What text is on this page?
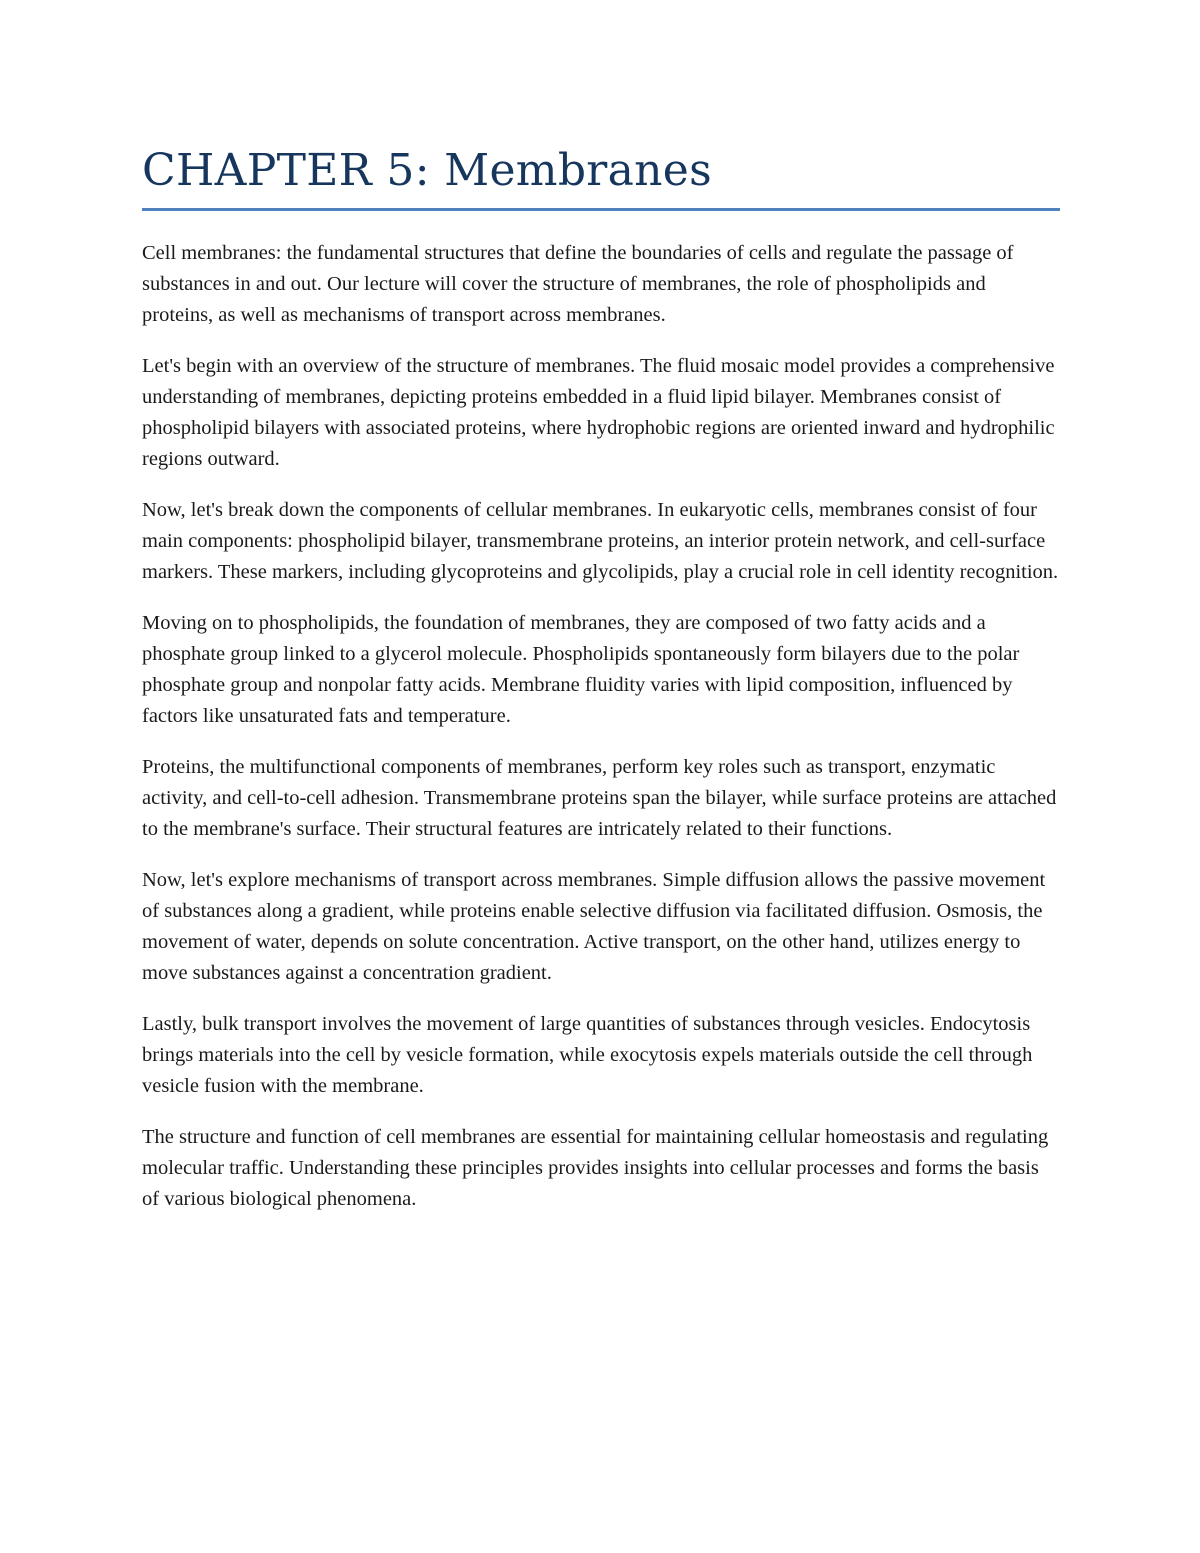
CHAPTER 5: Membranes

Cell membranes: the fundamental structures that define the boundaries of cells and regulate the passage of substances in and out. Our lecture will cover the structure of membranes, the role of phospholipids and proteins, as well as mechanisms of transport across membranes.

Let's begin with an overview of the structure of membranes. The fluid mosaic model provides a comprehensive understanding of membranes, depicting proteins embedded in a fluid lipid bilayer. Membranes consist of phospholipid bilayers with associated proteins, where hydrophobic regions are oriented inward and hydrophilic regions outward.

Now, let's break down the components of cellular membranes. In eukaryotic cells, membranes consist of four main components: phospholipid bilayer, transmembrane proteins, an interior protein network, and cell-surface markers. These markers, including glycoproteins and glycolipids, play a crucial role in cell identity recognition.

Moving on to phospholipids, the foundation of membranes, they are composed of two fatty acids and a phosphate group linked to a glycerol molecule. Phospholipids spontaneously form bilayers due to the polar phosphate group and nonpolar fatty acids. Membrane fluidity varies with lipid composition, influenced by factors like unsaturated fats and temperature.

Proteins, the multifunctional components of membranes, perform key roles such as transport, enzymatic activity, and cell-to-cell adhesion. Transmembrane proteins span the bilayer, while surface proteins are attached to the membrane's surface. Their structural features are intricately related to their functions.

Now, let's explore mechanisms of transport across membranes. Simple diffusion allows the passive movement of substances along a gradient, while proteins enable selective diffusion via facilitated diffusion. Osmosis, the movement of water, depends on solute concentration. Active transport, on the other hand, utilizes energy to move substances against a concentration gradient.

Lastly, bulk transport involves the movement of large quantities of substances through vesicles. Endocytosis brings materials into the cell by vesicle formation, while exocytosis expels materials outside the cell through vesicle fusion with the membrane.

The structure and function of cell membranes are essential for maintaining cellular homeostasis and regulating molecular traffic. Understanding these principles provides insights into cellular processes and forms the basis of various biological phenomena.
